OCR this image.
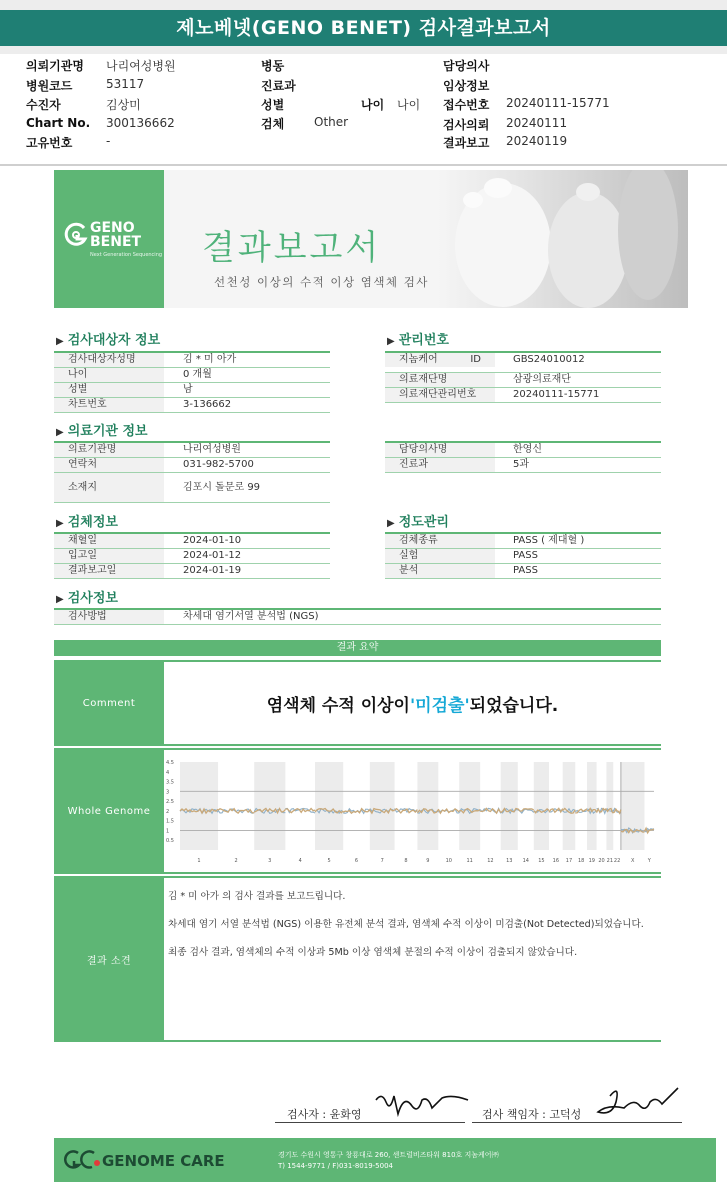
제노베넷(GENO BENET) 검사결과보고서
의뢰기관명 나리여성병원
병원코드	53117
수진자	김상미
Chart No. 300136662
고유번호	-
병동
진료과
성별
검체 Other
나이 나이
담당의사
임상정보
접수번호 20240111-15771
검사의뢰 20240111
결과보고 20240119
GENO
BENET
Next Generation Sequencing 결과보고서
선천성 이상의 수적 이상 염색체 검사
▶ 검사대상자 정보
검사대상자성명	김 * 미 아가
나이	0 개월
성별	남
차트번호	3-136662
▶ 관리번호
지놈케어 ID	GBS24010012
의료재단명	삼광의료재단
의료재단관리번호	20240111-15771
▶ 의료기관 정보
의료기관명	나리여성병원
연락처	031-982-5700
소재지	김포시 돌문로 99
담당의사명	한영신
진료과	5과
▶ 검체정보
채혈일	2024-01-10
입고일	2024-01-12
결과보고일	2024-01-19
▶ 정도관리
검체종류	PASS ( 제대혈 )
실험	PASS
분석	PASS
▶ 검사정보
검사방법	차세대 염기서열 분석법 (NGS)
결과 요약
Comment	염색체 수적 이상이 '미검출' 되었습니다.
Whole Genome
4.5
4
3.5
3
2.5
2
1.5
1
0.5
1	2	3	4	5	6	7	8	9	10	11	12 13 14 15 16 17 18 19 20 21 22 X	Y
결과 소견

김 * 미 아가 의 검사 결과를 보고드립니다.

차세대 염기 서열 분석법 (NGS) 이용한 유전체 분석 결과, 염색체 수적 이상이 미검출(Not Detected)되었습니다.

최종 검사 결과, 염색체의 수적 이상과 5Mb 이상 염색체 분절의 수적 이상이 검출되지 않았습니다.

검사자 : 윤화영	검사 책임자 : 고덕성
GENOME CARE	경기도 수원시 영통구 창룡대로 260, 센트럴비즈타워 810호 지놈케어㈜
T) 1544-9771 / F)031-8019-5004
